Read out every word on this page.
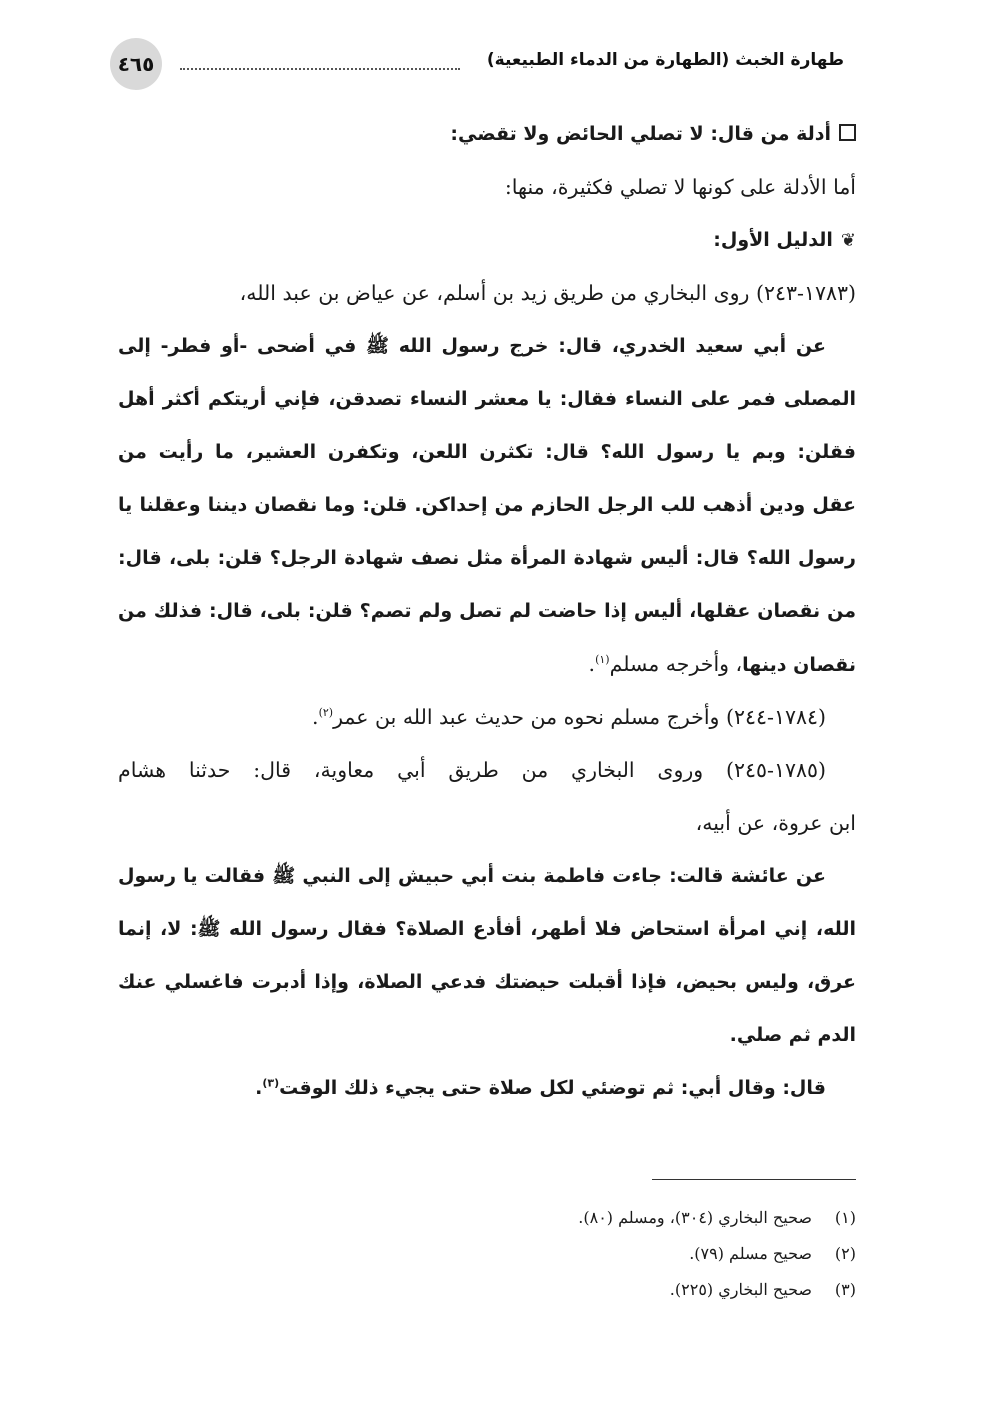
٤٦٥	طهارة الخبث (الطهارة من الدماء الطبيعية)
أدلة من قال: لا تصلي الحائض ولا تقضي:
أما الأدلة على كونها لا تصلي فكثيرة، منها:
❦الدليل الأول:
(١٧٨٣-٢٤٣) روى البخاري من طريق زيد بن أسلم، عن عياض بن عبد الله،
عن أبي سعيد الخدري، قال: خرج رسول الله ﷺ في أضحى -أو فطر- إلى
المصلى فمر على النساء فقال: يا معشر النساء تصدقن، فإني أريتكم أكثر أهل
فقلن: وبم يا رسول الله؟ قال: تكثرن اللعن، وتكفرن العشير، ما رأيت من
عقل ودين أذهب للب الرجل الحازم من إحداكن. قلن: وما نقصان ديننا وعقلنا يا
رسول الله؟ قال: أليس شهادة المرأة مثل نصف شهادة الرجل؟ قلن: بلى، قال:
من نقصان عقلها، أليس إذا حاضت لم تصل ولم تصم؟ قلن: بلى، قال: فذلك من
نقصان دينها، وأخرجه مسلم$^{(١)}$.
(١٧٨٤-٢٤٤) وأخرج مسلم نحوه من حديث عبد الله بن عمر$^{(٢)}$.
(١٧٨٥-٢٤٥) وروى البخاري من طريق أبي معاوية، قال: حدثنا هشام
ابن عروة، عن أبيه،
عن عائشة قالت: جاءت فاطمة بنت أبي حبيش إلى النبي ﷺ فقالت يا رسول
الله، إني امرأة استحاض فلا أطهر، أفأدع الصلاة؟ فقال رسول الله ﷺ: لا، إنما
عرق، وليس بحيض، فإذا أقبلت حيضتك فدعي الصلاة، وإذا أدبرت فاغسلي عنك
الدم ثم صلي.
قال: وقال أبي: ثم توضئي لكل صلاة حتى يجيء ذلك الوقت$^{(٣)}$.
(١)صحيح البخاري (٣٠٤)، ومسلم (٨٠).
(٢)صحيح مسلم (٧٩).
(٣)صحيح البخاري (٢٢٥).
